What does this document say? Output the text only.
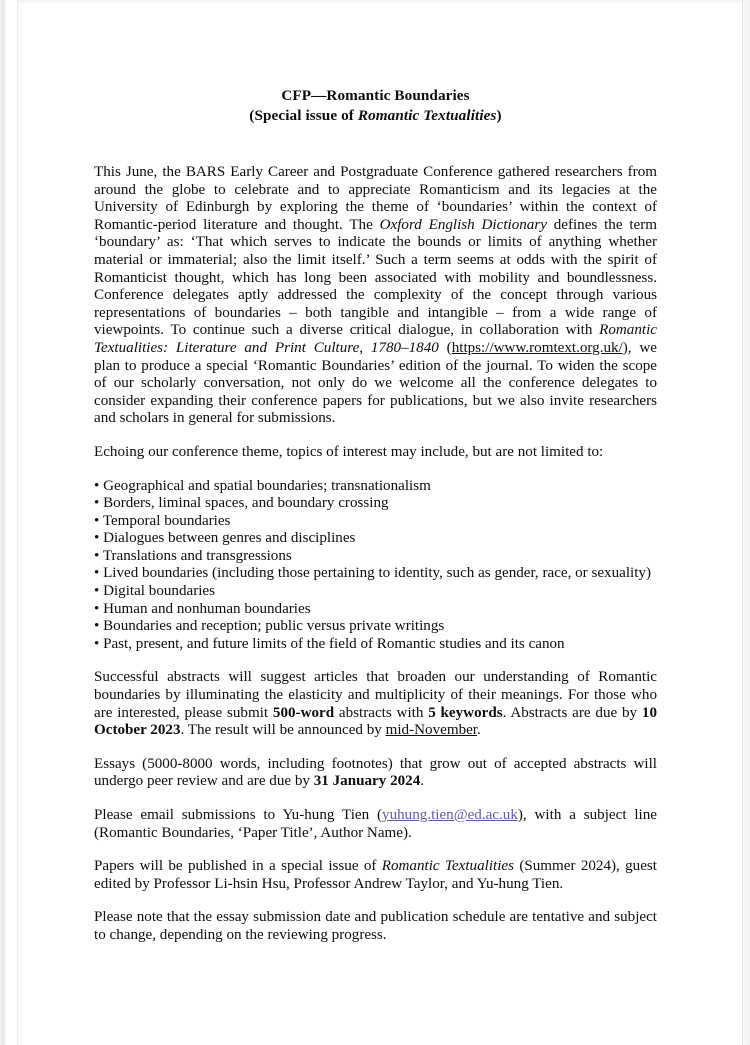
CFP—Romantic Boundaries
(Special issue of Romantic Textualities)

This June, the BARS Early Career and Postgraduate Conference gathered researchers from around the globe to celebrate and to appreciate Romanticism and its legacies at the University of Edinburgh by exploring the theme of ‘boundaries’ within the context of Romantic-period literature and thought. The Oxford English Dictionary defines the term ‘boundary’ as: ‘That which serves to indicate the bounds or limits of anything whether material or immaterial; also the limit itself.’ Such a term seems at odds with the spirit of Romanticist thought, which has long been associated with mobility and boundlessness. Conference delegates aptly addressed the complexity of the concept through various representations of boundaries – both tangible and intangible – from a wide range of viewpoints. To continue such a diverse critical dialogue, in collaboration with Romantic Textualities: Literature and Print Culture, 1780–1840 (https://www.romtext.org.uk/), we plan to produce a special ‘Romantic Boundaries’ edition of the journal. To widen the scope of our scholarly conversation, not only do we welcome all the conference delegates to consider expanding their conference papers for publications, but we also invite researchers and scholars in general for submissions.

Echoing our conference theme, topics of interest may include, but are not limited to:

• Geographical and spatial boundaries; transnationalism
• Borders, liminal spaces, and boundary crossing
• Temporal boundaries
• Dialogues between genres and disciplines
• Translations and transgressions
• Lived boundaries (including those pertaining to identity, such as gender, race, or sexuality)
• Digital boundaries
• Human and nonhuman boundaries
• Boundaries and reception; public versus private writings
• Past, present, and future limits of the field of Romantic studies and its canon

Successful abstracts will suggest articles that broaden our understanding of Romantic boundaries by illuminating the elasticity and multiplicity of their meanings. For those who are interested, please submit 500-word abstracts with 5 keywords. Abstracts are due by 10 October 2023. The result will be announced by mid-November.

Essays (5000-8000 words, including footnotes) that grow out of accepted abstracts will undergo peer review and are due by 31 January 2024.

Please email submissions to Yu-hung Tien (yuhung.tien@ed.ac.uk), with a subject line (Romantic Boundaries, ‘Paper Title’, Author Name).

Papers will be published in a special issue of Romantic Textualities (Summer 2024), guest edited by Professor Li-hsin Hsu, Professor Andrew Taylor, and Yu-hung Tien.

Please note that the essay submission date and publication schedule are tentative and subject to change, depending on the reviewing progress.
